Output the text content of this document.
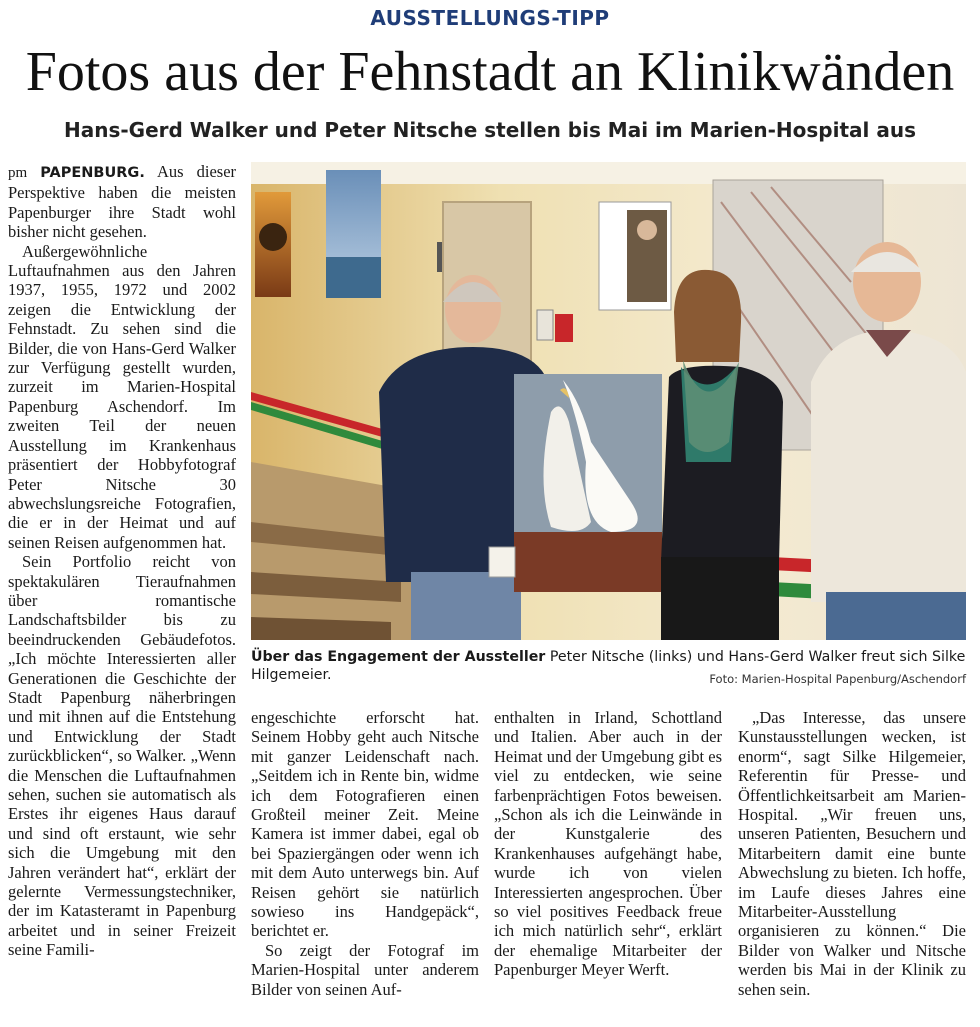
AUSSTELLUNGS-TIPP
Fotos aus der Fehnstadt an Klinikwänden
Hans-Gerd Walker und Peter Nitsche stellen bis Mai im Marien-Hospital aus

pm PAPENBURG. Aus dieser Perspektive haben die meisten Papenburger ihre Stadt wohl bisher nicht gesehen.

Außergewöhnliche Luftaufnahmen aus den Jahren 1937, 1955, 1972 und 2002 zeigen die Entwicklung der Fehnstadt. Zu sehen sind die Bilder, die von Hans-Gerd Walker zur Verfügung gestellt wurden, zurzeit im Marien-Hospital Papenburg Aschendorf. Im zweiten Teil der neuen Ausstellung im Krankenhaus präsentiert der Hobbyfotograf Peter Nitsche 30 abwechslungsreiche Fotografien, die er in der Heimat und auf seinen Reisen aufgenommen hat.

Sein Portfolio reicht von spektakulären Tieraufnahmen über romantische Landschaftsbilder bis zu beeindruckenden Gebäudefotos. „Ich möchte Interessierten aller Generationen die Geschichte der Stadt Papenburg näherbringen und mit ihnen auf die Entstehung und Entwicklung der Stadt zurückblicken“, so Walker. „Wenn die Menschen die Luftaufnahmen sehen, suchen sie automatisch als Erstes ihr eigenes Haus darauf und sind oft erstaunt, wie sehr sich die Umgebung mit den Jahren verändert hat“, erklärt der gelernte Vermessungstechniker, der im Katasteramt in Papenburg arbeitet und in seiner Freizeit seine Famili-

Über das Engagement der Aussteller Peter Nitsche (links) und Hans-Gerd Walker freut sich Silke Hilgemeier.	Foto: Marien-Hospital Papenburg/Aschendorf

engeschichte erforscht hat. Seinem Hobby geht auch Nitsche mit ganzer Leidenschaft nach. „Seitdem ich in Rente bin, widme ich dem Fotografieren einen Großteil meiner Zeit. Meine Kamera ist immer dabei, egal ob bei Spaziergängen oder wenn ich mit dem Auto unterwegs bin. Auf Reisen gehört sie natürlich sowieso ins Handgepäck“, berichtet er.

So zeigt der Fotograf im Marien-Hospital unter anderem Bilder von seinen Auf-

enthalten in Irland, Schottland und Italien. Aber auch in der Heimat und der Umgebung gibt es viel zu entdecken, wie seine farbenprächtigen Fotos beweisen. „Schon als ich die Leinwände in der Kunstgalerie des Krankenhauses aufgehängt habe, wurde ich von vielen Interessierten angesprochen. Über so viel positives Feedback freue ich mich natürlich sehr“, erklärt der ehemalige Mitarbeiter der Papenburger Meyer Werft.

„Das Interesse, das unsere Kunstausstellungen wecken, ist enorm“, sagt Silke Hilgemeier, Referentin für Presse- und Öffentlichkeitsarbeit am Marien-Hospital. „Wir freuen uns, unseren Patienten, Besuchern und Mitarbeitern damit eine bunte Abwechslung zu bieten. Ich hoffe, im Laufe dieses Jahres eine Mitarbeiter-Ausstellung organisieren zu können.“ Die Bilder von Walker und Nitsche werden bis Mai in der Klinik zu sehen sein.
